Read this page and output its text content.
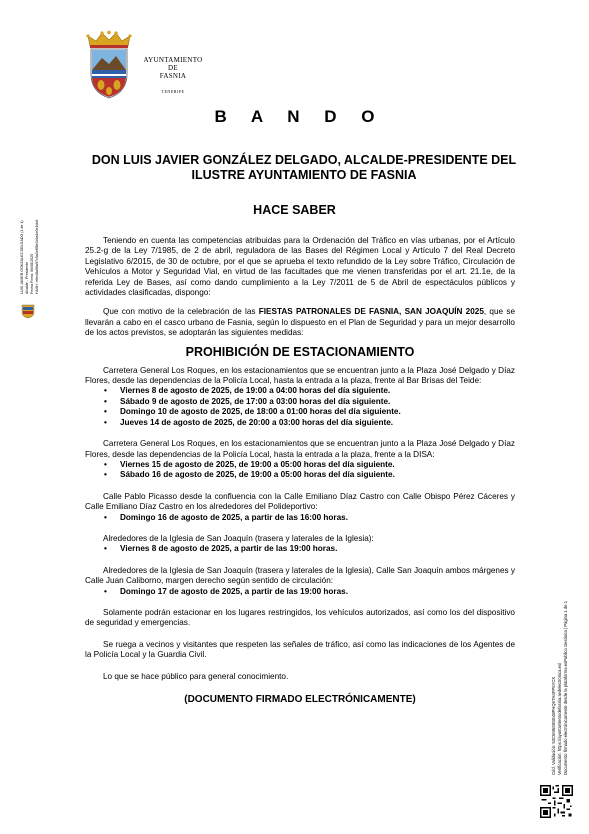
AYUNTAMIENTO
DE
FASNIA
TENERIFE
B A N D O
DON LUIS JAVIER GONZÁLEZ DELGADO, ALCALDE-PRESIDENTE DEL ILUSTRE AYUNTAMIENTO DE FASNIA
HACE SABER

Teniendo en cuenta las competencias atribuidas para la Ordenación del Tráfico en vías urbanas, por el Artículo 25.2-g de la Ley 7/1985, de 2 de abril, reguladora de las Bases del Régimen Local y Artículo 7 del Real Decreto Legislativo 6/2015, de 30 de octubre, por el que se aprueba el texto refundido de la Ley sobre Tráfico, Circulación de Vehículos a Motor y Seguridad Vial, en virtud de las facultades que me vienen transferidas por el art. 21.1e, de la referida Ley de Bases, así como dando cumplimiento a la Ley 7/2011 de 5 de Abril de espectáculos públicos y actividades clasificadas, dispongo:

Que con motivo de la celebración de las FIESTAS PATRONALES DE FASNIA, SAN JOAQUÍN 2025, que se llevarán a cabo en el casco urbano de Fasnia, según lo dispuesto en el Plan de Seguridad y para un mejor desarrollo de los actos previstos, se adoptarán las siguientes medidas:

PROHIBICIÓN DE ESTACIONAMIENTO

Carretera General Los Roques, en los estacionamientos que se encuentran junto a la Plaza José Delgado y Díaz Flores, desde las dependencias de la Policía Local, hasta la entrada a la plaza, frente al Bar Brisas del Teide:

• Viernes 8 de agosto de 2025, de 19:00 a 04:00 horas del día siguiente.
• Sábado 9 de agosto de 2025, de 17:00 a 03:00 horas del día siguiente.
• Domingo 10 de agosto de 2025, de 18:00 a 01:00 horas del día siguiente.
• Jueves 14 de agosto de 2025, de 20:00 a 03:00 horas del día siguiente.

Carretera General Los Roques, en los estacionamientos que se encuentran junto a la Plaza José Delgado y Díaz Flores, desde las dependencias de la Policía Local, hasta la entrada a la plaza, frente a la DISA:

• Viernes 15 de agosto de 2025, de 19:00 a 05:00 horas del día siguiente.
• Sábado 16 de agosto de 2025, de 19:00 a 05:00 horas del día siguiente.

Calle Pablo Picasso desde la confluencia con la Calle Emiliano Díaz Castro con Calle Obispo Pérez Cáceres y Calle Emiliano Díaz Castro en los alrededores del Polideportivo:

• Domingo 16 de agosto de 2025, a partir de las 16:00 horas.

Alrededores de la Iglesia de San Joaquín (trasera y laterales de la Iglesia):

• Viernes 8 de agosto de 2025, a partir de las 19:00 horas.

Alrededores de la Iglesia de San Joaquín (trasera y laterales de la Iglesia), Calle San Joaquín ambos márgenes y Calle Juan Caliborno, margen derecho según sentido de circulación:

• Domingo 17 de agosto de 2025, a partir de las 19:00 horas.

Solamente podrán estacionar en los lugares restringidos, los vehículos autorizados, así como los del dispositivo de seguridad y emergencias.

Se ruega a vecinos y visitantes que respeten las señales de tráfico, así como las indicaciones de los Agentes de la Policía Local y la Guardia Civil.

Lo que se hace público para general conocimiento.

(DOCUMENTO FIRMADO ELECTRÓNICAMENTE)
LUIS JAVIER GONZALEZ DELGADO (1 de 1) Alcalde - Presidente Fecha Firma: 06/08/2025 HASH: e6e48a96a97c9a3e8f8e3c9a4e0e1dc8
Cód. Validación: 53C6M6S9SE48PHQ6TH4FP6YCX Verificación: https://ayuntamientodefasnia.sedelectronica.es/ Documento firmado electrónicamente desde la plataforma esPublico Gestiona | Página 1 de 1
